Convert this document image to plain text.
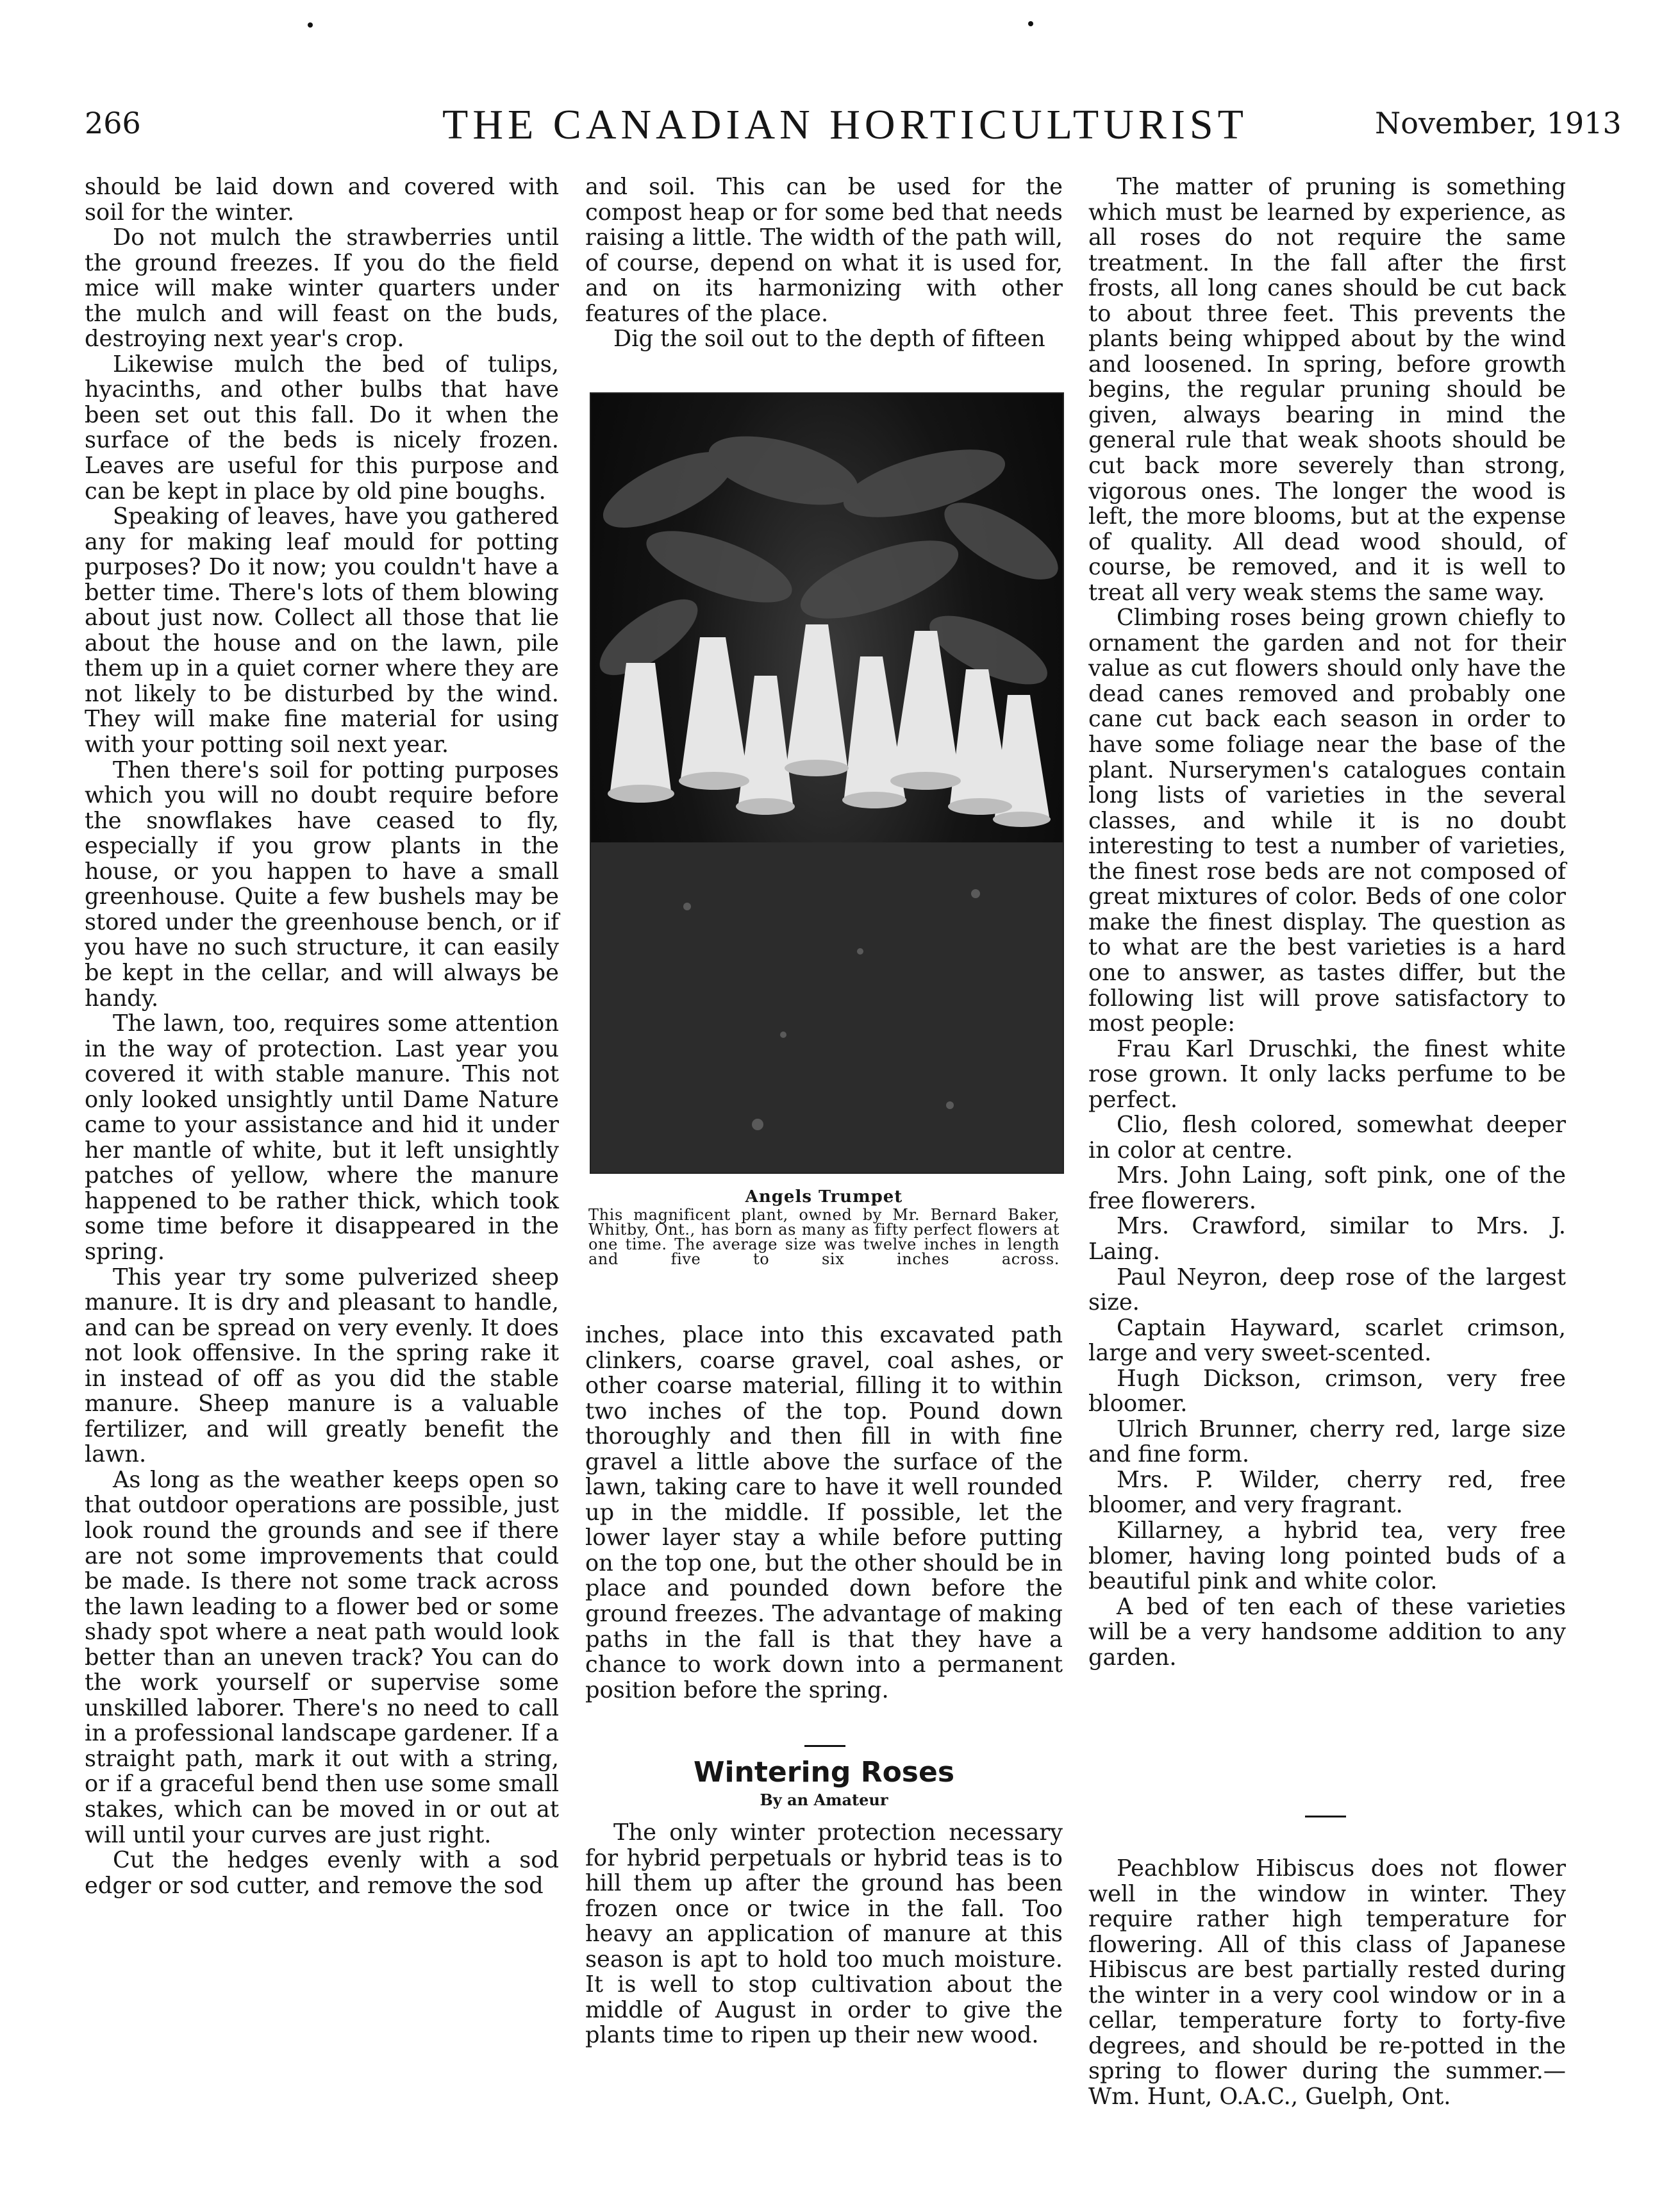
266	THE CANADIAN HORTICULTURIST	November, 1913

should be laid down and covered with soil for the winter.

Do not mulch the strawberries until the ground freezes. If you do the field mice will make winter quarters under the mulch and will feast on the buds, destroying next year's crop.

Likewise mulch the bed of tulips, hyacinths, and other bulbs that have been set out this fall. Do it when the surface of the beds is nicely frozen. Leaves are useful for this purpose and can be kept in place by old pine boughs.

Speaking of leaves, have you gathered any for making leaf mould for potting purposes? Do it now; you couldn't have a better time. There's lots of them blowing about just now. Collect all those that lie about the house and on the lawn, pile them up in a quiet corner where they are not likely to be disturbed by the wind. They will make fine material for using with your potting soil next year.

Then there's soil for potting purposes which you will no doubt require before the snowflakes have ceased to fly, especially if you grow plants in the house, or you happen to have a small greenhouse. Quite a few bushels may be stored under the greenhouse bench, or if you have no such structure, it can easily be kept in the cellar, and will always be handy.

The lawn, too, requires some attention in the way of protection. Last year you covered it with stable manure. This not only looked unsightly until Dame Nature came to your assistance and hid it under her mantle of white, but it left unsightly patches of yellow, where the manure happened to be rather thick, which took some time before it disappeared in the spring.

This year try some pulverized sheep manure. It is dry and pleasant to handle, and can be spread on very evenly. It does not look offensive. In the spring rake it in instead of off as you did the stable manure. Sheep manure is a valuable fertilizer, and will greatly benefit the lawn.

As long as the weather keeps open so that outdoor operations are possible, just look round the grounds and see if there are not some improvements that could be made. Is there not some track across the lawn leading to a flower bed or some shady spot where a neat path would look better than an uneven track? You can do the work yourself or supervise some unskilled laborer. There's no need to call in a professional landscape gardener. If a straight path, mark it out with a string, or if a graceful bend then use some small stakes, which can be moved in or out at will until your curves are just right.

Cut the hedges evenly with a sod edger or sod cutter, and remove the sod

and soil. This can be used for the compost heap or for some bed that needs raising a little. The width of the path will, of course, depend on what it is used for, and on its harmonizing with other features of the place.

Dig the soil out to the depth of fifteen

Angels Trumpet
This magnificent plant, owned by Mr. Bernard Baker, Whitby, Ont., has born as many as fifty perfect flowers at one time. The average size was twelve inches in length and five to six inches across.

inches, place into this excavated path clinkers, coarse gravel, coal ashes, or other coarse material, filling it to within two inches of the top. Pound down thoroughly and then fill in with fine gravel a little above the surface of the lawn, taking care to have it well rounded up in the middle. If possible, let the lower layer stay a while before putting on the top one, but the other should be in place and pounded down before the ground freezes. The advantage of making paths in the fall is that they have a chance to work down into a permanent position before the spring.

Wintering Roses
By an Amateur

The only winter protection necessary for hybrid perpetuals or hybrid teas is to hill them up after the ground has been frozen once or twice in the fall. Too heavy an application of manure at this season is apt to hold too much moisture. It is well to stop cultivation about the middle of August in order to give the plants time to ripen up their new wood.

The matter of pruning is something which must be learned by experience, as all roses do not require the same treatment. In the fall after the first frosts, all long canes should be cut back to about three feet. This prevents the plants being whipped about by the wind and loosened. In spring, before growth begins, the regular pruning should be given, always bearing in mind the general rule that weak shoots should be cut back more severely than strong, vigorous ones. The longer the wood is left, the more blooms, but at the expense of quality. All dead wood should, of course, be removed, and it is well to treat all very weak stems the same way.

Climbing roses being grown chiefly to ornament the garden and not for their value as cut flowers should only have the dead canes removed and probably one cane cut back each season in order to have some foliage near the base of the plant. Nurserymen's catalogues contain long lists of varieties in the several classes, and while it is no doubt interesting to test a number of varieties, the finest rose beds are not composed of great mixtures of color. Beds of one color make the finest display. The question as to what are the best varieties is a hard one to answer, as tastes differ, but the following list will prove satisfactory to most people:

Frau Karl Druschki, the finest white rose grown. It only lacks perfume to be perfect.

Clio, flesh colored, somewhat deeper in color at centre.

Mrs. John Laing, soft pink, one of the free flowerers.

Mrs. Crawford, similar to Mrs. J. Laing.

Paul Neyron, deep rose of the largest size.

Captain Hayward, scarlet crimson, large and very sweet-scented.

Hugh Dickson, crimson, very free bloomer.

Ulrich Brunner, cherry red, large size and fine form.

Mrs. P. Wilder, cherry red, free bloomer, and very fragrant.

Killarney, a hybrid tea, very free blomer, having long pointed buds of a beautiful pink and white color.

A bed of ten each of these varieties will be a very handsome addition to any garden.

Peachblow Hibiscus does not flower well in the window in winter. They require rather high temperature for flowering. All of this class of Japanese Hibiscus are best partially rested during the winter in a very cool window or in a cellar, temperature forty to forty-five degrees, and should be re-potted in the spring to flower during the summer.— Wm. Hunt, O.A.C., Guelph, Ont.
